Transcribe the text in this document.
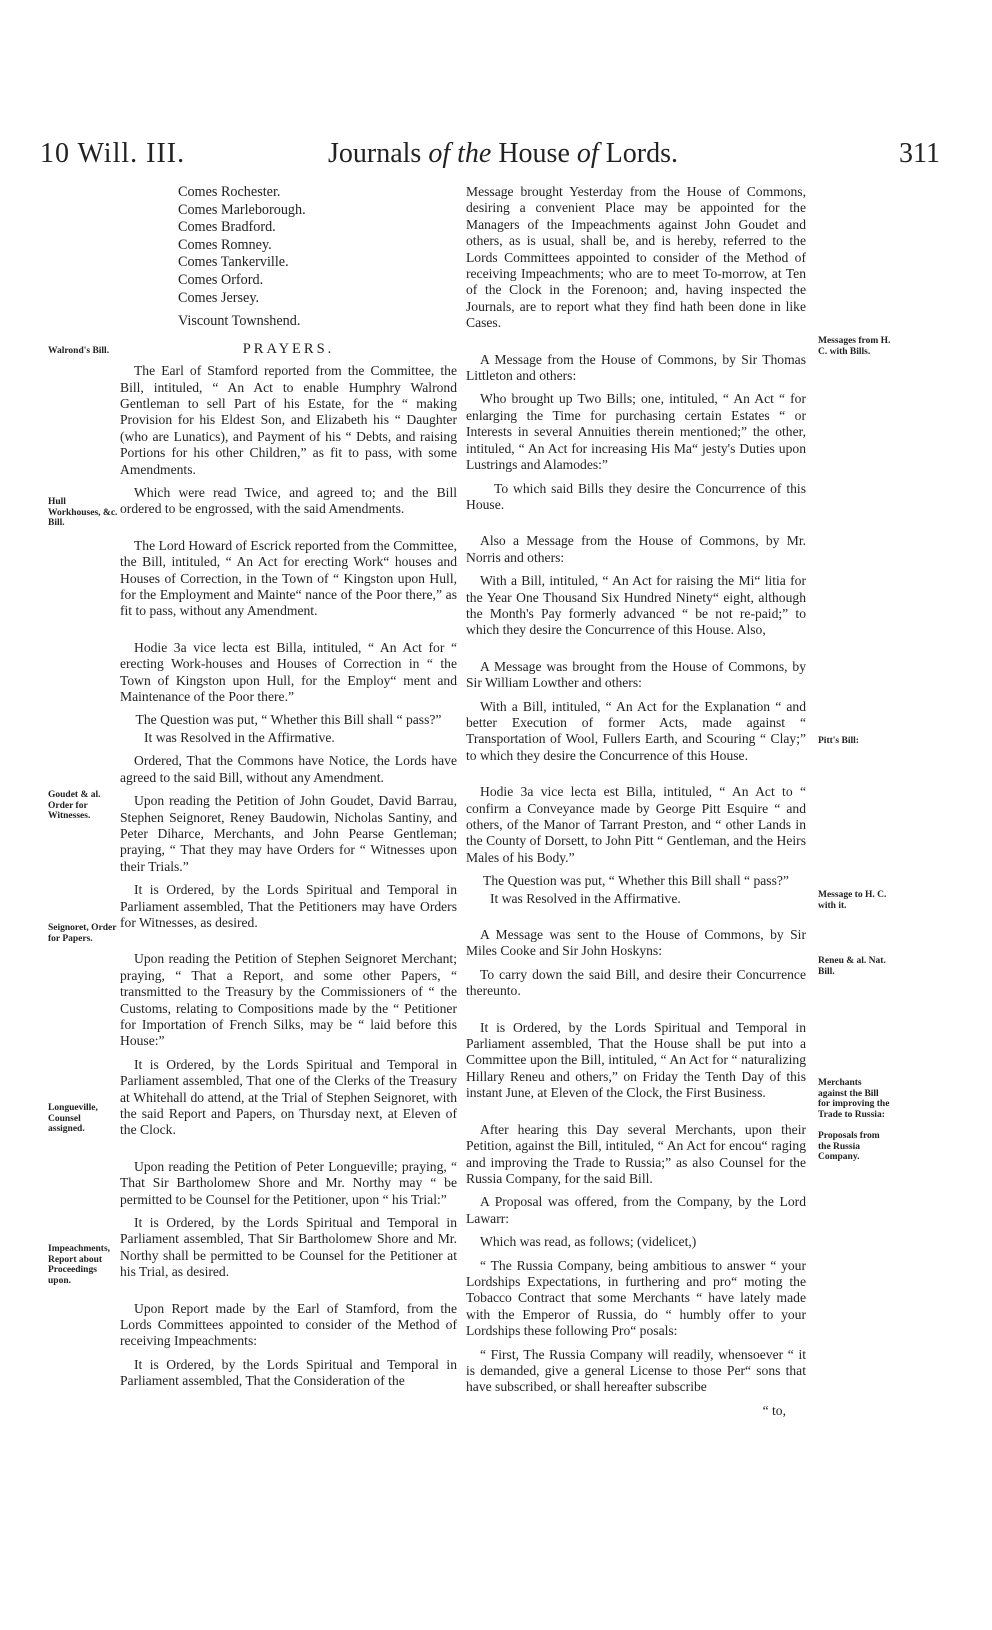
10 Will. III.	Journals of the House of Lords.	311
Walrond's Bill.
Hull Workhouses, &c. Bill.
Goudet & al. Order for Witnesses.
Seignoret, Order for Papers.
Longueville, Counsel assigned.
Impeachments, Report about Proceedings upon.
Messages from H. C. with Bills.
Pitt's Bill:
Message to H. C. with it.
Reneu & al. Nat. Bill.
Merchants against the Bill for improving the Trade to Russia:
Proposals from the Russia Company.
Comes Rochester.
Comes Marleborough.
Comes Bradford.
Comes Romney.
Comes Tankerville.
Comes Orford.
Comes Jersey.
Viscount Townshend.
PRAYERS.

The Earl of Stamford reported from the Committee, the Bill, intituled, “ An Act to enable Humphry Walrond Gentleman to sell Part of his Estate, for the “ making Provision for his Eldest Son, and Elizabeth his “ Daughter (who are Lunatics), and Payment of his “ Debts, and raising Portions for his other Children,” as fit to pass, with some Amendments.

Which were read Twice, and agreed to; and the Bill ordered to be engrossed, with the said Amendments.

The Lord Howard of Escrick reported from the Committee, the Bill, intituled, “ An Act for erecting Work“ houses and Houses of Correction, in the Town of “ Kingston upon Hull, for the Employment and Mainte“ nance of the Poor there,” as fit to pass, without any Amendment.

Hodie 3a vice lecta est Billa, intituled, “ An Act for “ erecting Work-houses and Houses of Correction in “ the Town of Kingston upon Hull, for the Employ“ ment and Maintenance of the Poor there.”

The Question was put, “ Whether this Bill shall “ pass?”

It was Resolved in the Affirmative.

Ordered, That the Commons have Notice, the Lords have agreed to the said Bill, without any Amendment.

Upon reading the Petition of John Goudet, David Barrau, Stephen Seignoret, Reney Baudowin, Nicholas Santiny, and Peter Diharce, Merchants, and John Pearse Gentleman; praying, “ That they may have Orders for “ Witnesses upon their Trials.”

It is Ordered, by the Lords Spiritual and Temporal in Parliament assembled, That the Petitioners may have Orders for Witnesses, as desired.

Upon reading the Petition of Stephen Seignoret Merchant; praying, “ That a Report, and some other Papers, “ transmitted to the Treasury by the Commissioners of “ the Customs, relating to Compositions made by the “ Petitioner for Importation of French Silks, may be “ laid before this House:”

It is Ordered, by the Lords Spiritual and Temporal in Parliament assembled, That one of the Clerks of the Treasury at Whitehall do attend, at the Trial of Stephen Seignoret, with the said Report and Papers, on Thursday next, at Eleven of the Clock.

Upon reading the Petition of Peter Longueville; praying, “ That Sir Bartholomew Shore and Mr. Northy may “ be permitted to be Counsel for the Petitioner, upon “ his Trial:”

It is Ordered, by the Lords Spiritual and Temporal in Parliament assembled, That Sir Bartholomew Shore and Mr. Northy shall be permitted to be Counsel for the Petitioner at his Trial, as desired.

Upon Report made by the Earl of Stamford, from the Lords Committees appointed to consider of the Method of receiving Impeachments:

It is Ordered, by the Lords Spiritual and Temporal in Parliament assembled, That the Consideration of the

Message brought Yesterday from the House of Commons, desiring a convenient Place may be appointed for the Managers of the Impeachments against John Goudet and others, as is usual, shall be, and is hereby, referred to the Lords Committees appointed to consider of the Method of receiving Impeachments; who are to meet To-morrow, at Ten of the Clock in the Forenoon; and, having inspected the Journals, are to report what they find hath been done in like Cases.

A Message from the House of Commons, by Sir Thomas Littleton and others:

Who brought up Two Bills; one, intituled, “ An Act “ for enlarging the Time for purchasing certain Estates “ or Interests in several Annuities therein mentioned;” the other, intituled, “ An Act for increasing His Ma“ jesty's Duties upon Lustrings and Alamodes:”

To which said Bills they desire the Concurrence of this House.

Also a Message from the House of Commons, by Mr. Norris and others:

With a Bill, intituled, “ An Act for raising the Mi“ litia for the Year One Thousand Six Hundred Ninety“ eight, although the Month's Pay formerly advanced “ be not re-paid;” to which they desire the Concurrence of this House. Also,

A Message was brought from the House of Commons, by Sir William Lowther and others:

With a Bill, intituled, “ An Act for the Explanation “ and better Execution of former Acts, made against “ Transportation of Wool, Fullers Earth, and Scouring “ Clay;” to which they desire the Concurrence of this House.

Hodie 3a vice lecta est Billa, intituled, “ An Act to “ confirm a Conveyance made by George Pitt Esquire “ and others, of the Manor of Tarrant Preston, and “ other Lands in the County of Dorsett, to John Pitt “ Gentleman, and the Heirs Males of his Body.”

The Question was put, “ Whether this Bill shall “ pass?”

It was Resolved in the Affirmative.

A Message was sent to the House of Commons, by Sir Miles Cooke and Sir John Hoskyns:

To carry down the said Bill, and desire their Concurrence thereunto.

It is Ordered, by the Lords Spiritual and Temporal in Parliament assembled, That the House shall be put into a Committee upon the Bill, intituled, “ An Act for “ naturalizing Hillary Reneu and others,” on Friday the Tenth Day of this instant June, at Eleven of the Clock, the First Business.

After hearing this Day several Merchants, upon their Petition, against the Bill, intituled, “ An Act for encou“ raging and improving the Trade to Russia;” as also Counsel for the Russia Company, for the said Bill.

A Proposal was offered, from the Company, by the Lord Lawarr:

Which was read, as follows; (videlicet,)

“ The Russia Company, being ambitious to answer “ your Lordships Expectations, in furthering and pro“ moting the Tobacco Contract that some Merchants “ have lately made with the Emperor of Russia, do “ humbly offer to your Lordships these following Pro“ posals:

“ First, The Russia Company will readily, whensoever “ it is demanded, give a general License to those Per“ sons that have subscribed, or shall hereafter subscribe

“ to,
